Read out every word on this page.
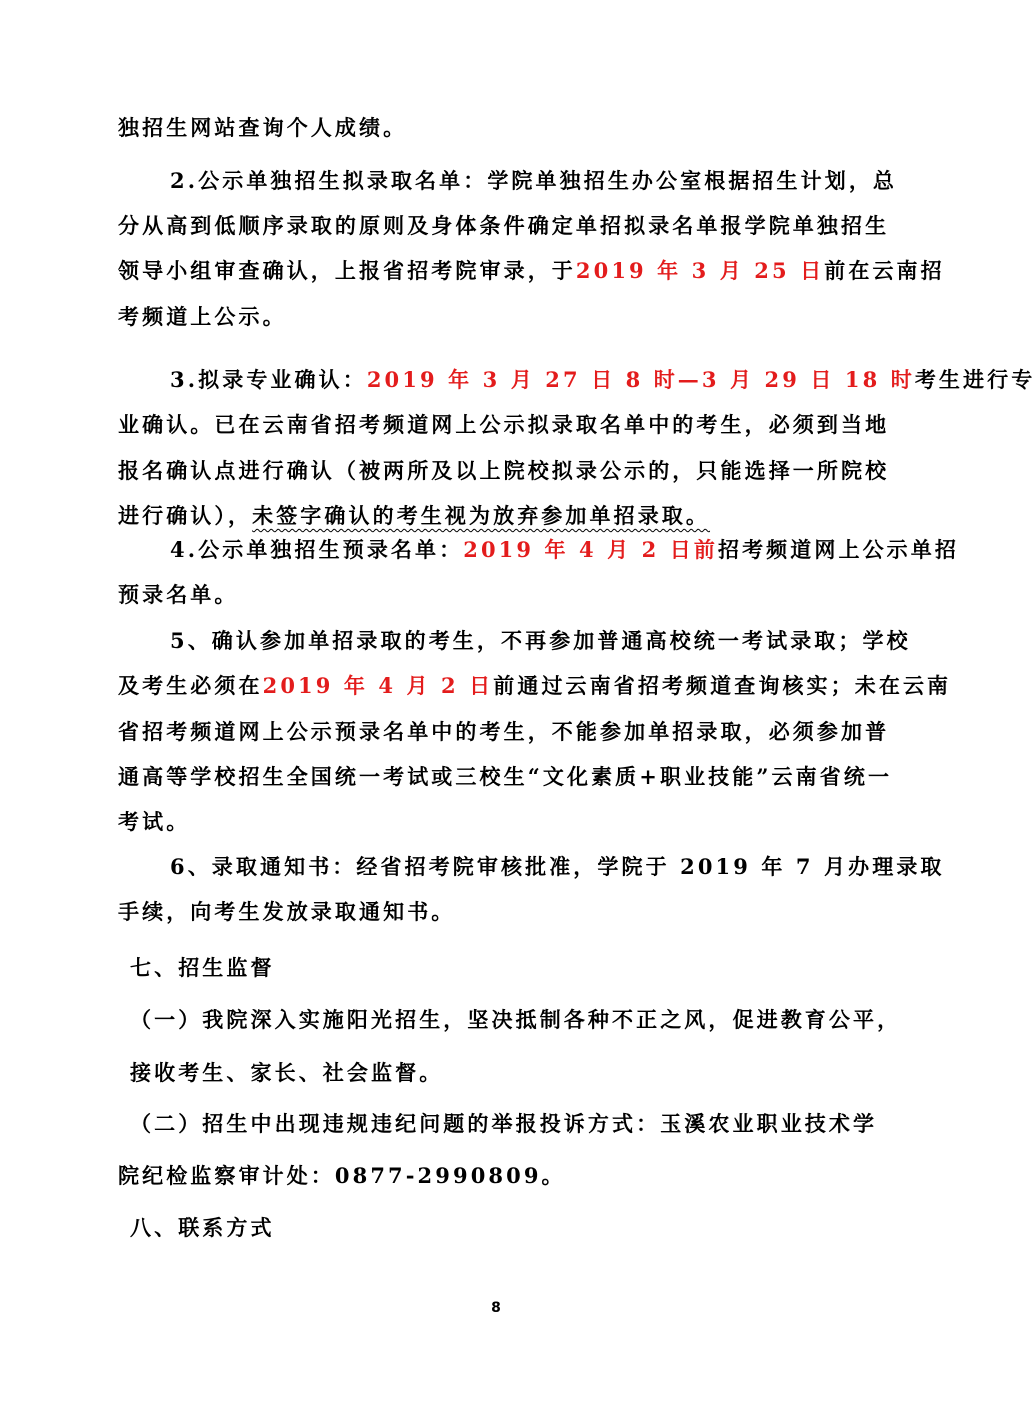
独招生网站查询个人成绩。
2.公示单独招生拟录取名单：学院单独招生办公室根据招生计划，总
分从高到低顺序录取的原则及身体条件确定单招拟录名单报学院单独招生
领导小组审查确认，上报省招考院审录，于2019 年 3 月 25 日前在云南招
考频道上公示。
3.拟录专业确认：2019 年 3 月 27 日 8 时—3 月 29 日 18 时考生进行专
业确认。已在云南省招考频道网上公示拟录取名单中的考生，必须到当地
报名确认点进行确认（被两所及以上院校拟录公示的，只能选择一所院校
进行确认），未签字确认的考生视为放弃参加单招录取。
4.公示单独招生预录名单：2019 年 4 月 2 日前招考频道网上公示单招
预录名单。
5、确认参加单招录取的考生，不再参加普通高校统一考试录取；学校
及考生必须在2019 年 4 月 2 日前通过云南省招考频道查询核实；未在云南
省招考频道网上公示预录名单中的考生，不能参加单招录取，必须参加普
通高等学校招生全国统一考试或三校生“文化素质+职业技能”云南省统一
考试。
6、录取通知书：经省招考院审核批准，学院于 2019 年 7 月办理录取
手续，向考生发放录取通知书。
七、招生监督
（一）我院深入实施阳光招生，坚决抵制各种不正之风，促进教育公平，
接收考生、家长、社会监督。
（二）招生中出现违规违纪问题的举报投诉方式：玉溪农业职业技术学
院纪检监察审计处：0877-2990809。
八、联系方式
8
